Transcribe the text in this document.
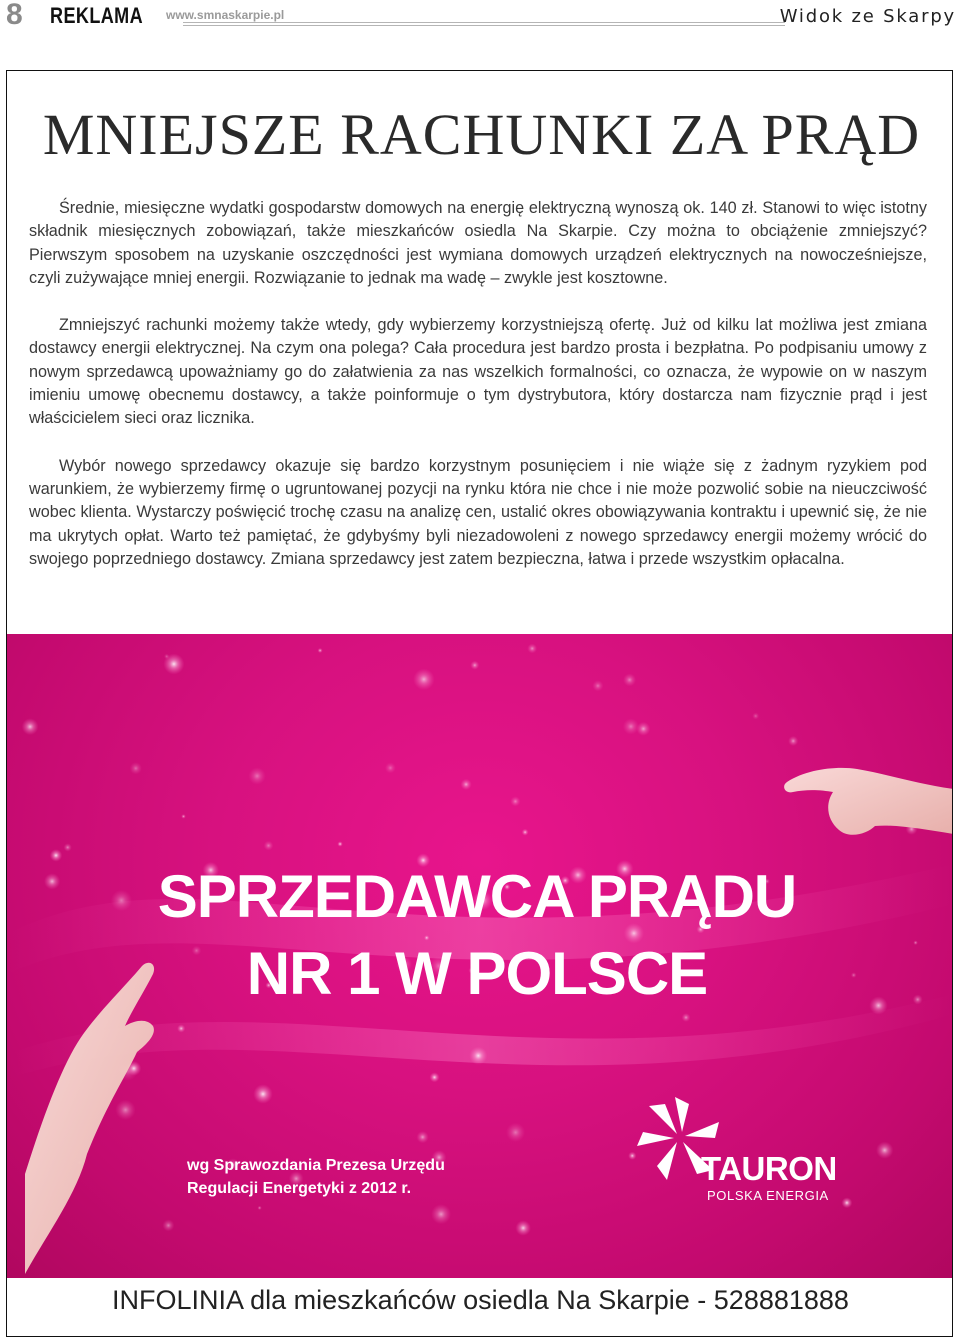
8 REKLAMA www.smnaskarpie.pl	Widok ze Skarpy
MNIEJSZE RACHUNKI ZA PRĄD

Średnie, miesięczne wydatki gospodarstw domowych na energię elektryczną wynoszą ok. 140 zł. Stanowi to więc istotny składnik miesięcznych zobowiązań, także mieszkańców osiedla Na Skarpie. Czy można to obciążenie zmniejszyć? Pierwszym sposobem na uzyskanie oszczędności jest wymiana domowych urządzeń elektrycznych na nowocześniejsze, czyli zużywające mniej energii. Rozwiązanie to jednak ma wadę – zwykle jest kosztowne.

Zmniejszyć rachunki możemy także wtedy, gdy wybierzemy korzystniejszą ofertę. Już od kilku lat możliwa jest zmiana dostawcy energii elektrycznej. Na czym ona polega? Cała procedura jest bardzo prosta i bezpłatna. Po podpisaniu umowy z nowym sprzedawcą upoważniamy go do załatwienia za nas wszelkich formalności, co oznacza, że wypowie on w naszym imieniu umowę obecnemu dostawcy, a także poinformuje o tym dystrybutora, który dostarcza nam fizycznie prąd i jest właścicielem sieci oraz licznika.

Wybór nowego sprzedawcy okazuje się bardzo korzystnym posunięciem i nie wiąże się z żadnym ryzykiem pod warunkiem, że wybierzemy firmę o ugruntowanej pozycji na rynku która nie chce i nie może pozwolić sobie na nieuczciwość wobec klienta. Wystarczy poświęcić trochę czasu na analizę cen, ustalić okres obowiązywania kontraktu i upewnić się, że nie ma ukrytych opłat. Warto też pamiętać, że gdybyśmy byli niezadowoleni z nowego sprzedawcy energii możemy wrócić do swojego poprzedniego dostawcy. Zmiana sprzedawcy jest zatem bezpieczna, łatwa i przede wszystkim opłacalna.

SPRZEDAWCA PRĄDU
NR 1 W POLSCE
wg Sprawozdania Prezesa Urzędu
Regulacji Energetyki z 2012 r.
TAURON
POLSKA ENERGIA
INFOLINIA dla mieszkańców osiedla Na Skarpie - 528881888
